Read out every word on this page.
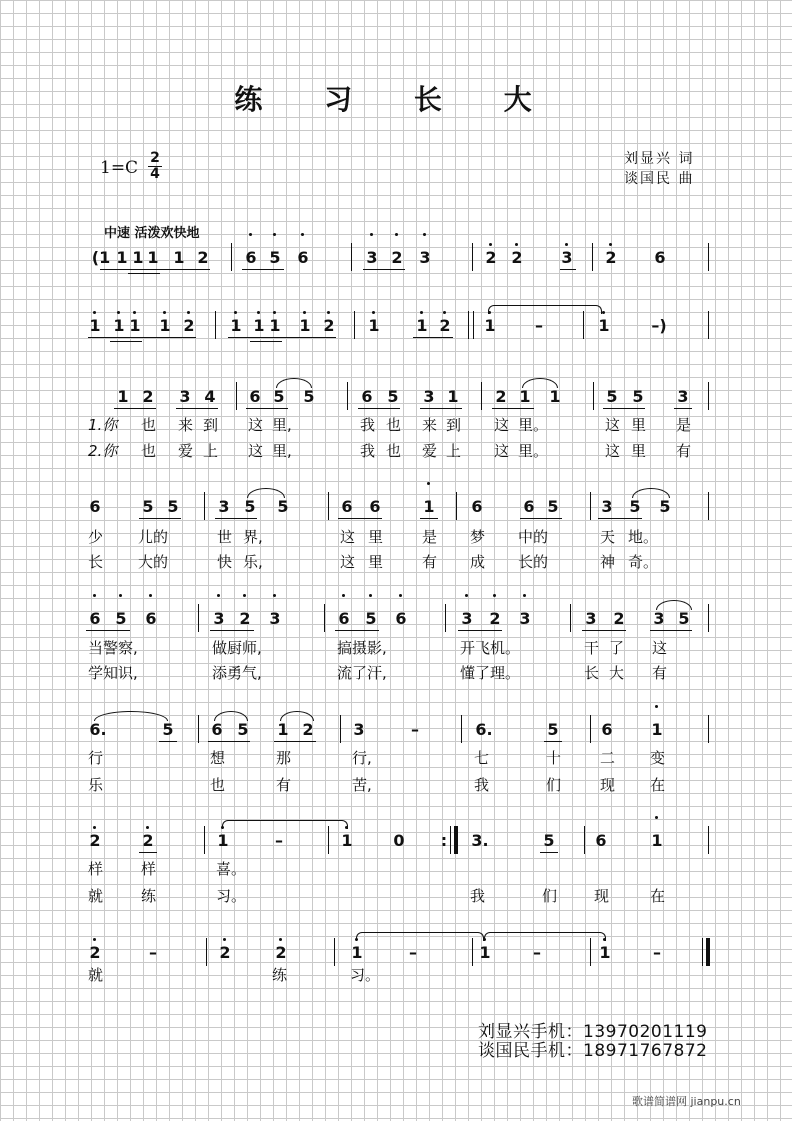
练 习 长 大
1=C 2
4
刘显兴 词
谈国民 曲
中速 活泼欢快地
(1 1 1 1 1 2 6 5 6	3 2 3	2 2 3 2 6
1 1 1 1 2 1 1 1 1 2 1 1 2 1 –	1	–)
1 2 3 4 6 5 5	6 5 3 1 2 1 1	5 5 3
1.你 也 来 到 这 里,	我 也 来 到 这 里。	这 里 是
2.你 也 爱 上 这 里,	我 也 爱 上 这 里。	这 里 有
6	5 5 3 5 5	6 6	1 6	6 5	3 5 5
少 儿的	世 界,	这 里	是 梦 中的	天 地。
长 大的	快 乐,	这 里	有 成 长的	神 奇。
6 5 6	3 2 3	6 5 6	3 2 3	3 2 3 5
当警察,	做厨师,	搞摄影,	开飞机。	干了 这
学知识,	添勇气,	流了汗,	懂了理。	长大 有
6.	5 6 5 1 2 3	–	6.	5	6 1
行	想	那	行,	七	十	二 变
乐	也	有	苦,	我	们	现 在
2	2	1	–	1	0 : 3.	5	6	1
样	样	喜。
就	练	习。	我	们 现	在
2	–	2	2	1	–	1	–	1	–
就	练	习。
刘显兴手机：13970201119
谈国民手机：18971767872
歌谱简谱网 jianpu.cn
